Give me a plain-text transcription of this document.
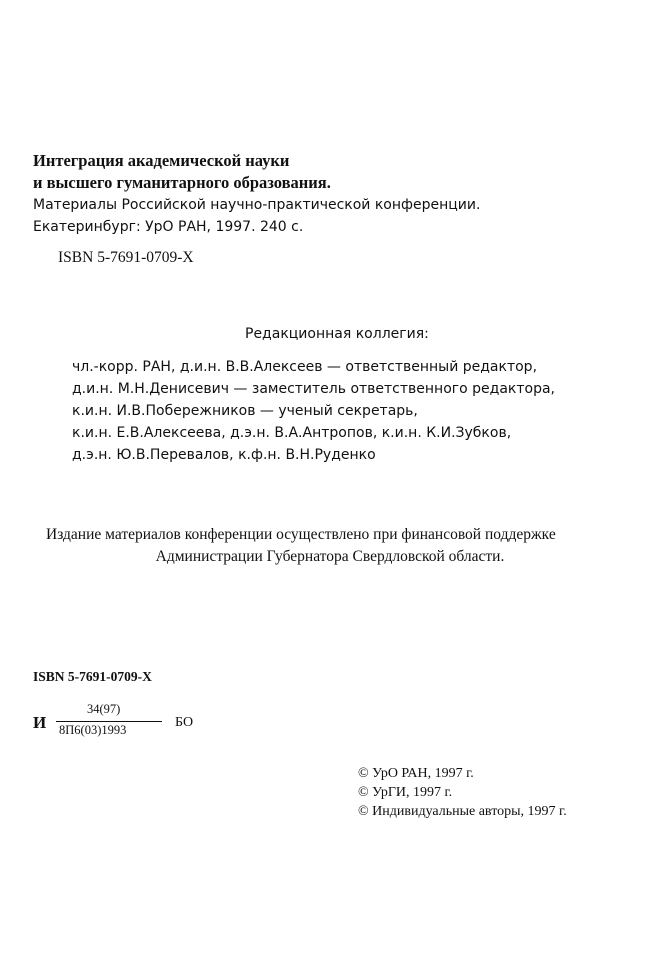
Интеграция академической науки
и высшего гуманитарного образования.
Материалы Российской научно-практической конференции.
Екатеринбург: УрО РАН, 1997. 240 с.
ISBN 5-7691-0709-X
Редакционная коллегия:
чл.-корр. РАН, д.и.н. В.В.Алексеев — ответственный редактор,
д.и.н. М.Н.Денисевич — заместитель ответственного редактора,
к.и.н. И.В.Побережников — ученый секретарь,
к.и.н. Е.В.Алексеева, д.э.н. В.А.Антропов, к.и.н. К.И.Зубков,
д.э.н. Ю.В.Перевалов, к.ф.н. В.Н.Руденко
Издание материалов конференции осуществлено при финансовой поддержке
Администрации Губернатора Свердловской области.
ISBN 5-7691-0709-X
И
34(97)
8П6(03)1993	БО
© УрО РАН, 1997 г.
© УрГИ, 1997 г.
© Индивидуальные авторы, 1997 г.
